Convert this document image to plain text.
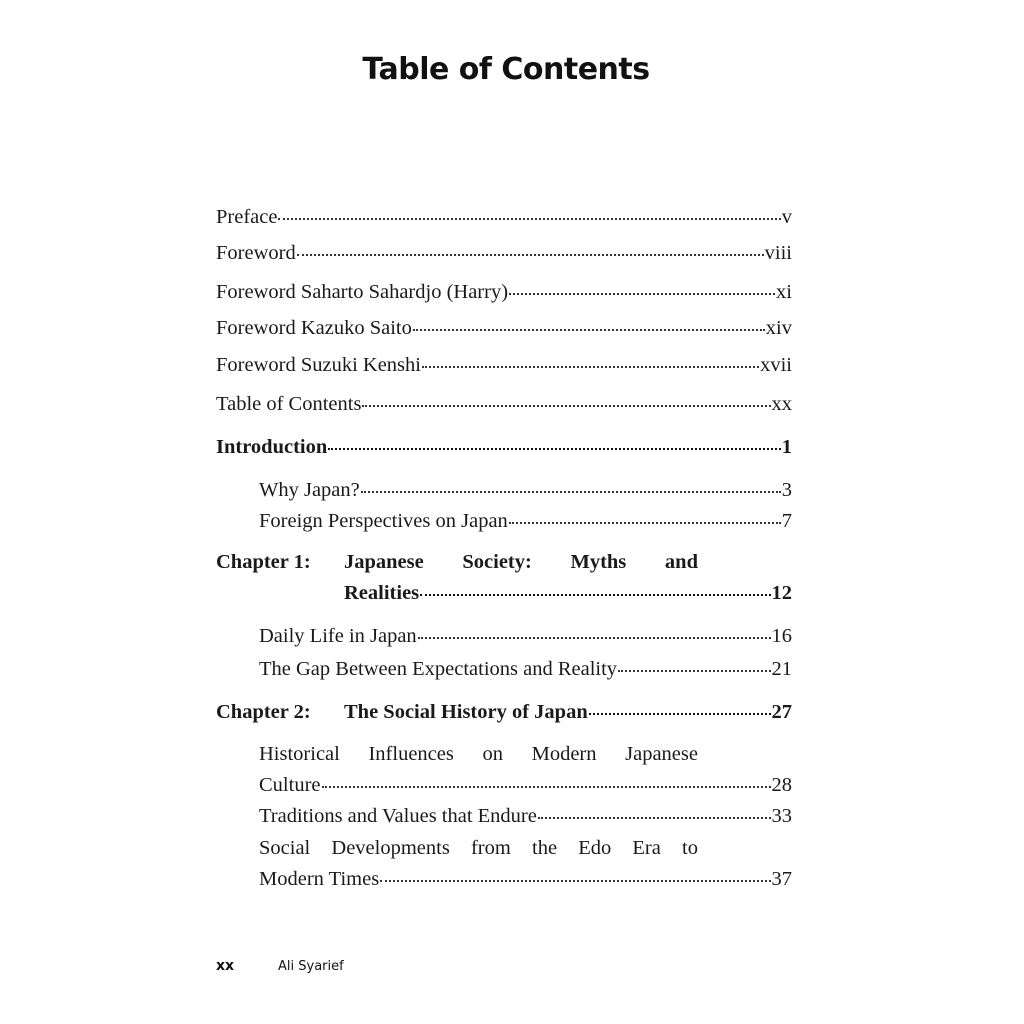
Table of Contents
Preface	v
Foreword	viii
Foreword Saharto Sahardjo (Harry)	xi
Foreword Kazuko Saito	xiv
Foreword Suzuki Kenshi	xvii
Table of Contents	xx
Introduction	1
Why Japan?	3
Foreign Perspectives on Japan	7
Chapter 1:	Japanese Society: Myths and
Realities	12
Daily Life in Japan	16
The Gap Between Expectations and Reality	21
Chapter 2:	The Social History of Japan	27
Historical Influences on Modern Japanese
Culture	28
Traditions and Values that Endure	33
Social Developments from the Edo Era to
Modern Times	37
xx	Ali Syarief
